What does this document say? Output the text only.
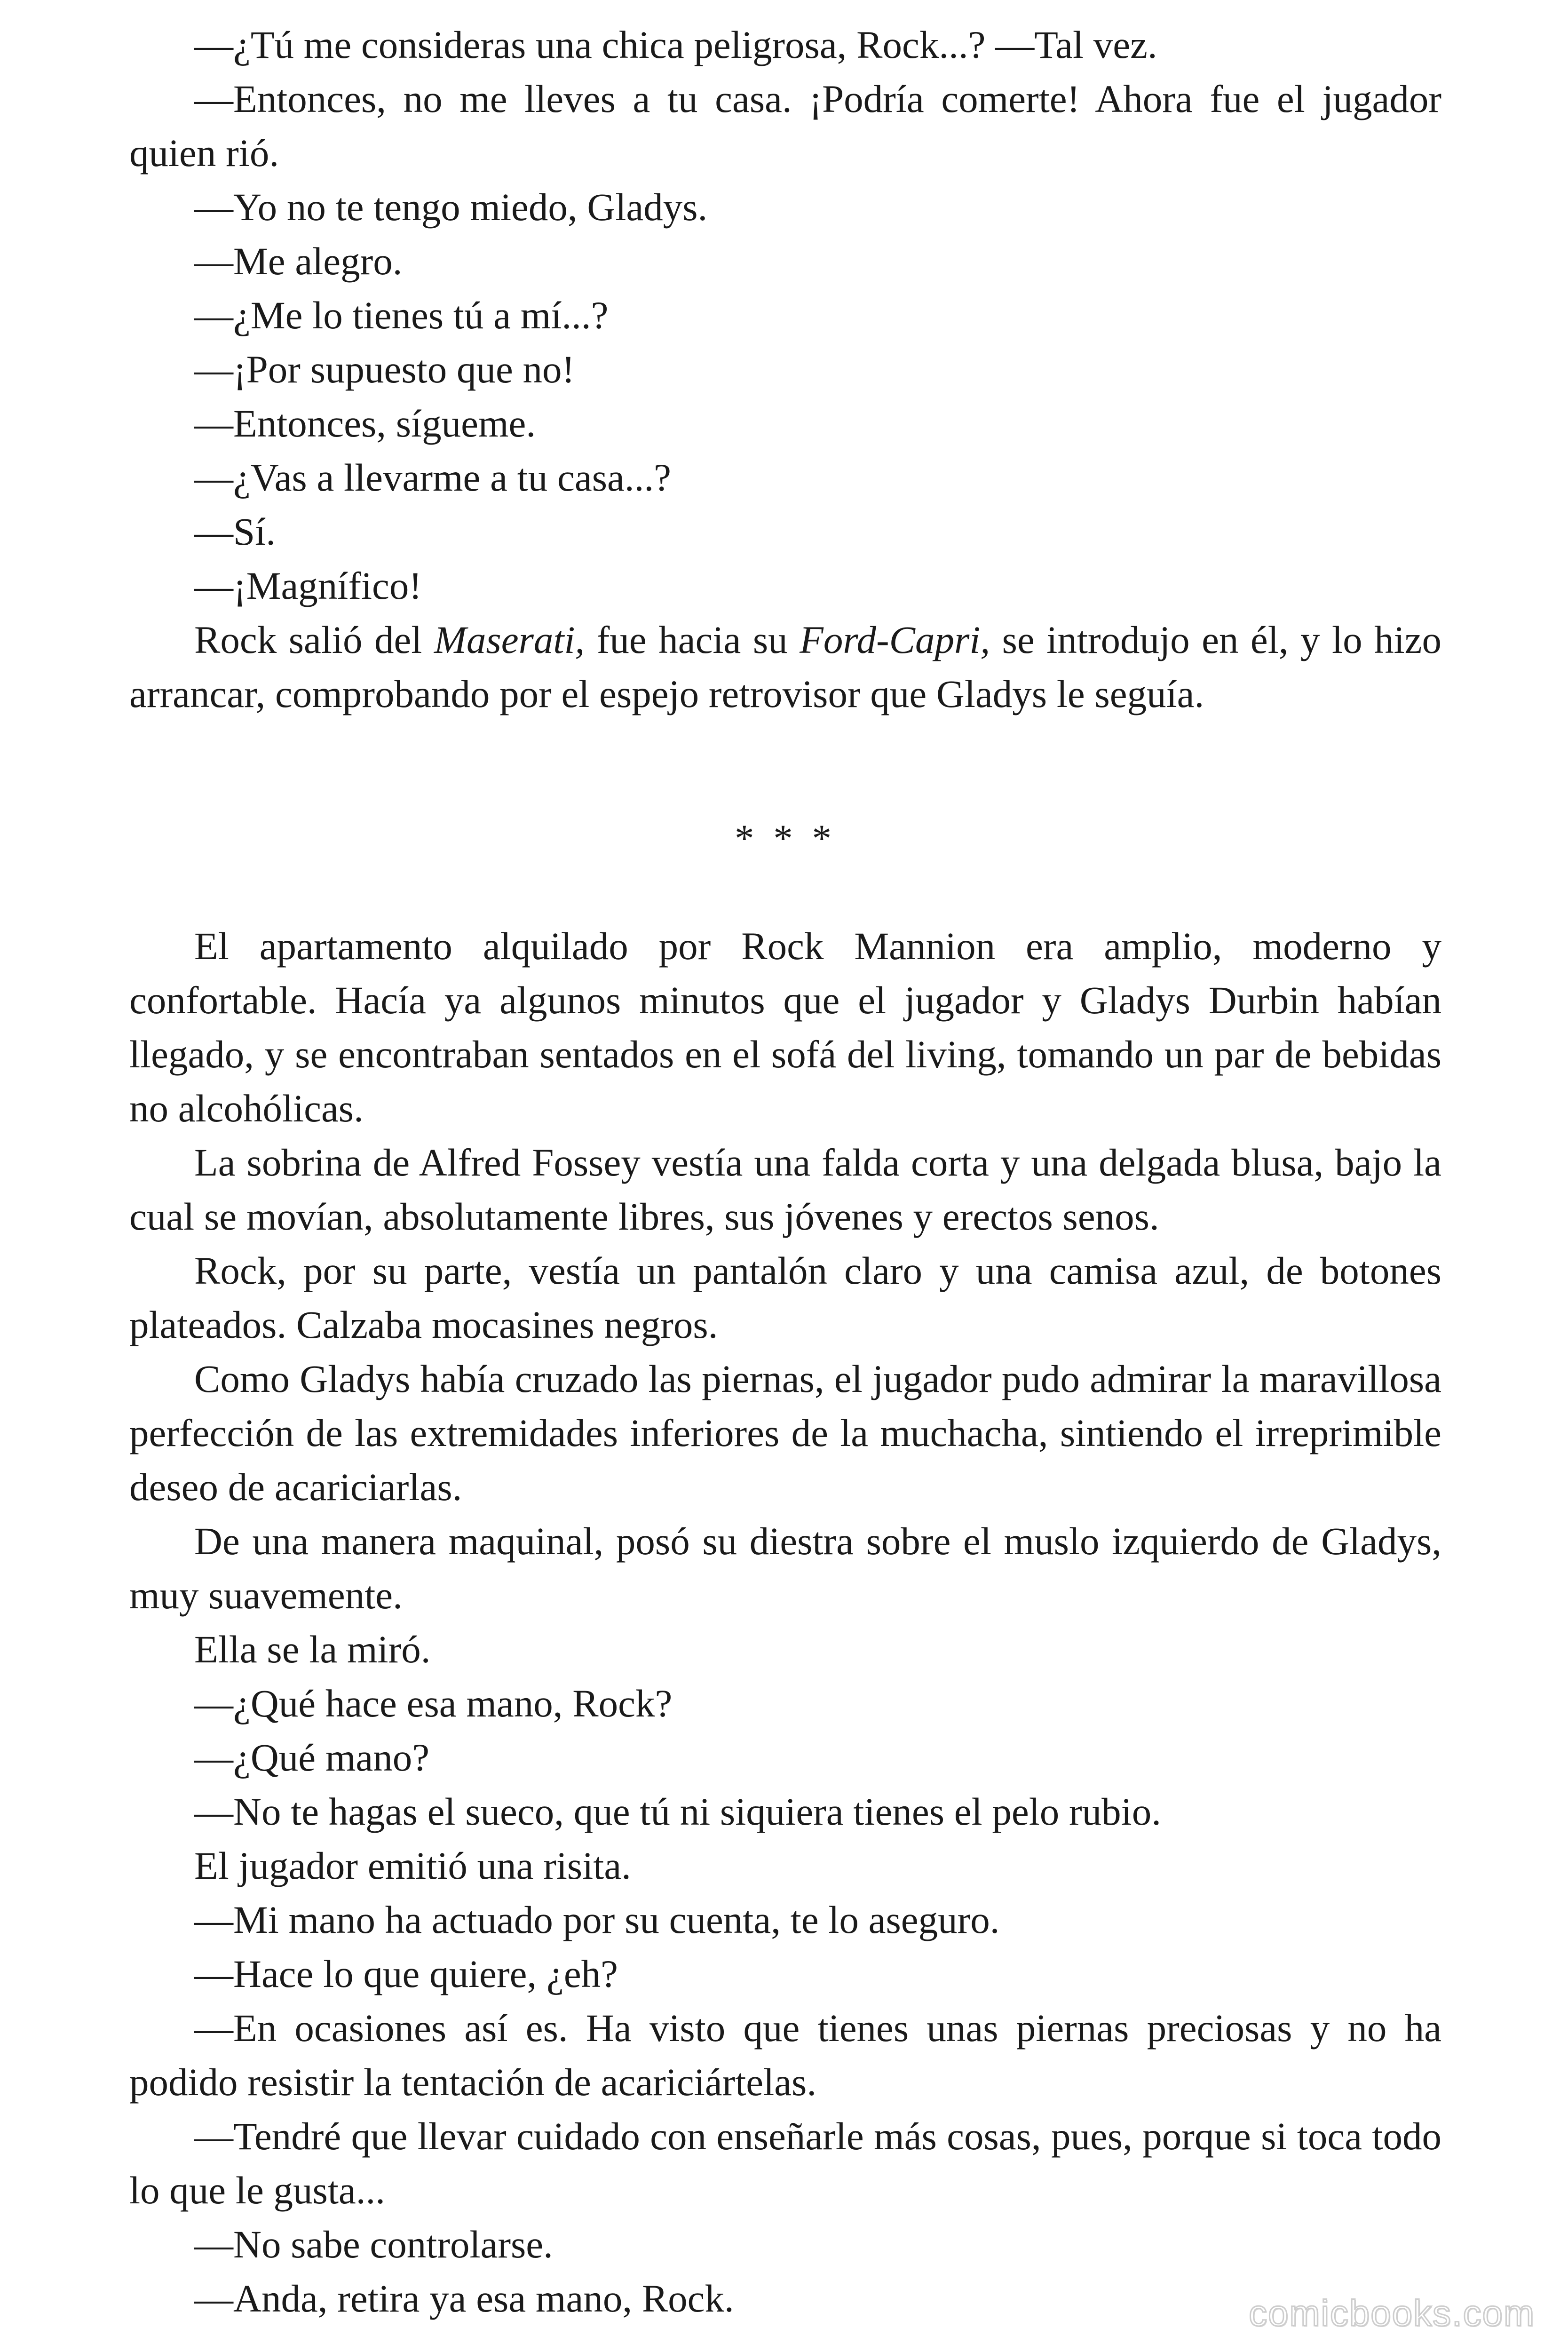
—¿Tú me consideras una chica peligrosa, Rock...? —Tal vez.

—Entonces, no me lleves a tu casa. ¡Podría comerte! Ahora fue el jugador quien rió.

—Yo no te tengo miedo, Gladys.

—Me alegro.

—¿Me lo tienes tú a mí...?

—¡Por supuesto que no!

—Entonces, sígueme.

—¿Vas a llevarme a tu casa...?

—Sí.

—¡Magnífico!

Rock salió del Maserati, fue hacia su Ford-Capri, se introdujo en él, y lo hizo arrancar, comprobando por el espejo retrovisor que Gladys le seguía.

* * *

El apartamento alquilado por Rock Mannion era amplio, moderno y confortable. Hacía ya algunos minutos que el jugador y Gladys Durbin habían llegado, y se encontraban sentados en el sofá del living, tomando un par de bebidas no alcohólicas.

La sobrina de Alfred Fossey vestía una falda corta y una delgada blusa, bajo la cual se movían, absolutamente libres, sus jóvenes y erectos senos.

Rock, por su parte, vestía un pantalón claro y una camisa azul, de botones plateados. Calzaba mocasines negros.

Como Gladys había cruzado las piernas, el jugador pudo admirar la maravillosa perfección de las extremidades inferiores de la muchacha, sintiendo el irreprimible deseo de acariciarlas.

De una manera maquinal, posó su diestra sobre el muslo izquierdo de Gladys, muy suavemente.

Ella se la miró.

—¿Qué hace esa mano, Rock?

—¿Qué mano?

—No te hagas el sueco, que tú ni siquiera tienes el pelo rubio.

El jugador emitió una risita.

—Mi mano ha actuado por su cuenta, te lo aseguro.

—Hace lo que quiere, ¿eh?

—En ocasiones así es. Ha visto que tienes unas piernas preciosas y no ha podido resistir la tentación de acariciártelas.

—Tendré que llevar cuidado con enseñarle más cosas, pues, porque si toca todo lo que le gusta...

—No sabe controlarse.

—Anda, retira ya esa mano, Rock.	comicbooks.com
